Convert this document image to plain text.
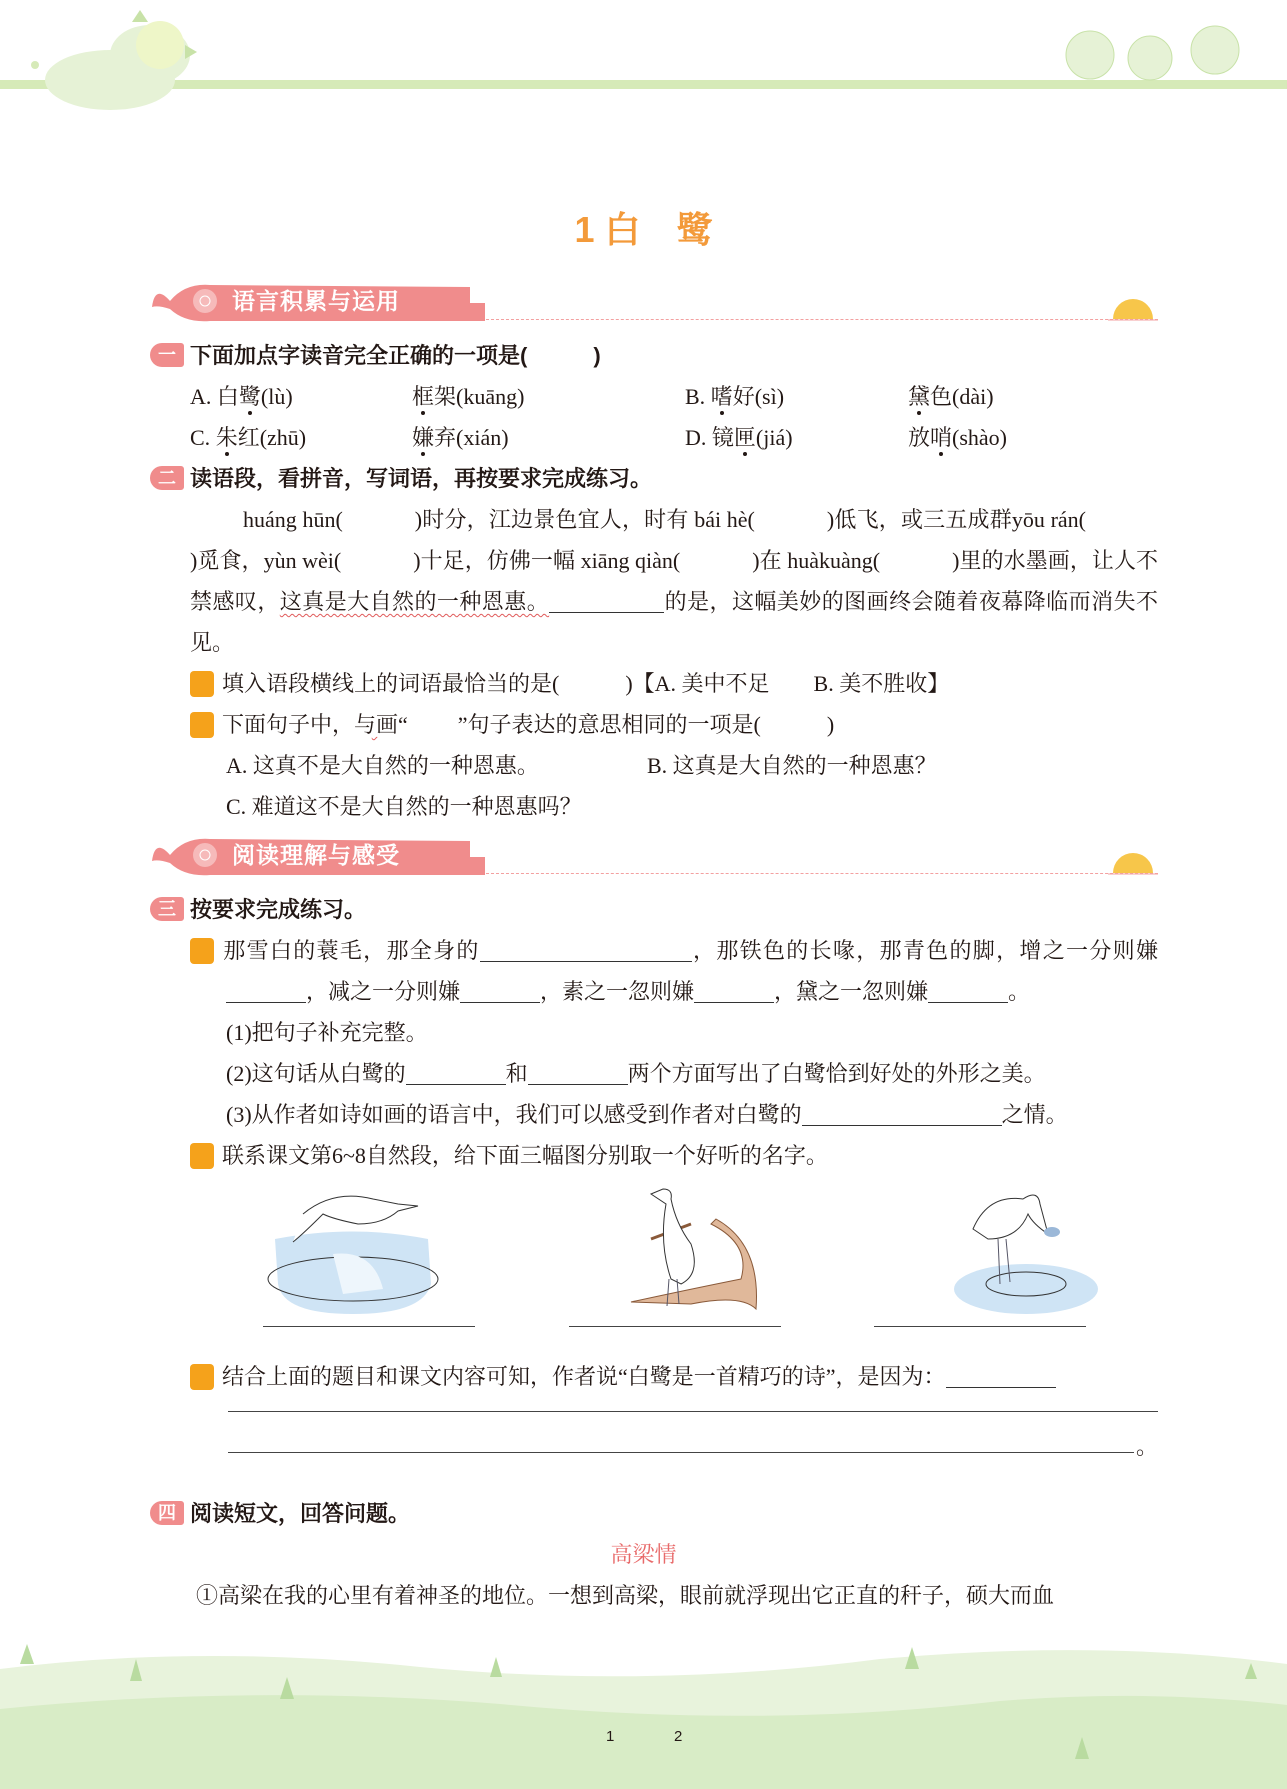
1 白　鹭
语言积累与运用
一 下面加点字读音完全正确的一项是(　　　)
A. 白鹭(lù)	框架(kuāng)	B. 嗜好(sì)	黛色(dài)
C. 朱红(zhū)	嫌弃(xián)	D. 镜匣(jiá)	放哨(shào)
二 读语段，看拼音，写词语，再按要求完成练习。

huáng hūn(	)时分，江边景色宜人，时有 bái hè(	)低飞，或三五成群yōu rán()觅食，yùn wèi(	)十足，仿佛一幅 xiāng qiàn(	)在 huàkuàng(	)里的水墨画，让人不禁感叹，这真是大自然的一种恩惠。	的是，这幅美妙的图画终会随着夜幕降临而消失不见。

1 填入语段横线上的词语最恰当的是(　　　)【A. 美中不足　　B. 美不胜收】
2 下面句子中，与画“ ”句子表达的意思相同的一项是(　　　)
A. 这真不是大自然的一种恩惠。	B. 这真是大自然的一种恩惠？
C. 难道这不是大自然的一种恩惠吗？
阅读理解与感受
三 按要求完成练习。

1 那雪白的蓑毛，那全身的	，那铁色的长喙，那青色的脚，增之一分则嫌，减之一分则嫌	，素之一忽则嫌	，黛之一忽则嫌	。

(1)把句子补充完整。
(2)这句话从白鹭的	和	两个方面写出了白鹭恰到好处的外形之美。
(3)从作者如诗如画的语言中，我们可以感受到作者对白鹭的	之情。
2 联系课文第6~8自然段，给下面三幅图分别取一个好听的名字。
3 结合上面的题目和课文内容可知，作者说“白鹭是一首精巧的诗”，是因为：
。
四 阅读短文，回答问题。
高梁情

①高梁在我的心里有着神圣的地位。一想到高梁，眼前就浮现出它正直的秆子，硕大而血

1	2
